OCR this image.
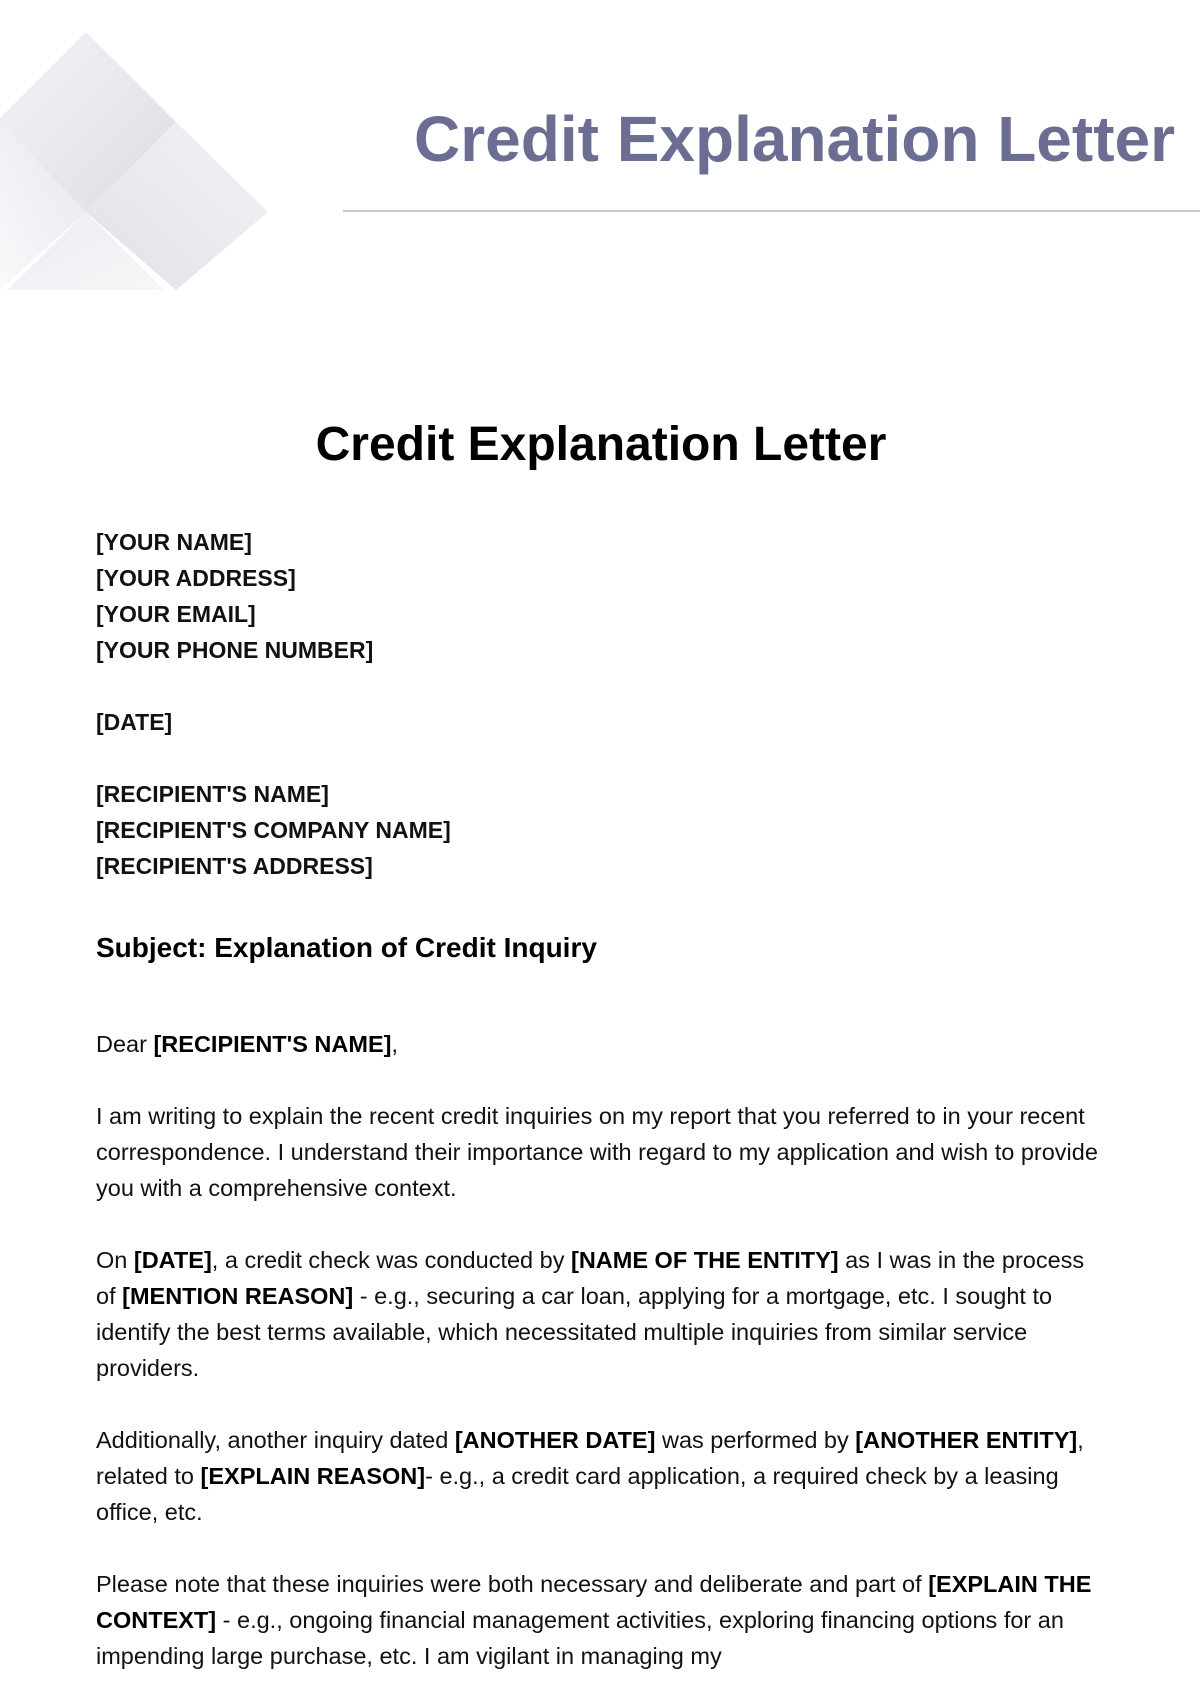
Credit Explanation Letter
Credit Explanation Letter
[YOUR NAME]
[YOUR ADDRESS]
[YOUR EMAIL]
[YOUR PHONE NUMBER]
[DATE]
[RECIPIENT'S NAME]
[RECIPIENT'S COMPANY NAME]
[RECIPIENT'S ADDRESS]
Subject: Explanation of Credit Inquiry

Dear [RECIPIENT'S NAME],

I am writing to explain the recent credit inquiries on my report that you referred to in your recent correspondence. I understand their importance with regard to my application and wish to provide you with a comprehensive context.

On [DATE], a credit check was conducted by [NAME OF THE ENTITY] as I was in the process of [MENTION REASON] - e.g., securing a car loan, applying for a mortgage, etc. I sought to identify the best terms available, which necessitated multiple inquiries from similar service providers.

Additionally, another inquiry dated [ANOTHER DATE] was performed by [ANOTHER ENTITY], related to [EXPLAIN REASON]- e.g., a credit card application, a required check by a leasing office, etc.

Please note that these inquiries were both necessary and deliberate and part of [EXPLAIN THE CONTEXT] - e.g., ongoing financial management activities, exploring financing options for an impending large purchase, etc. I am vigilant in managing my
